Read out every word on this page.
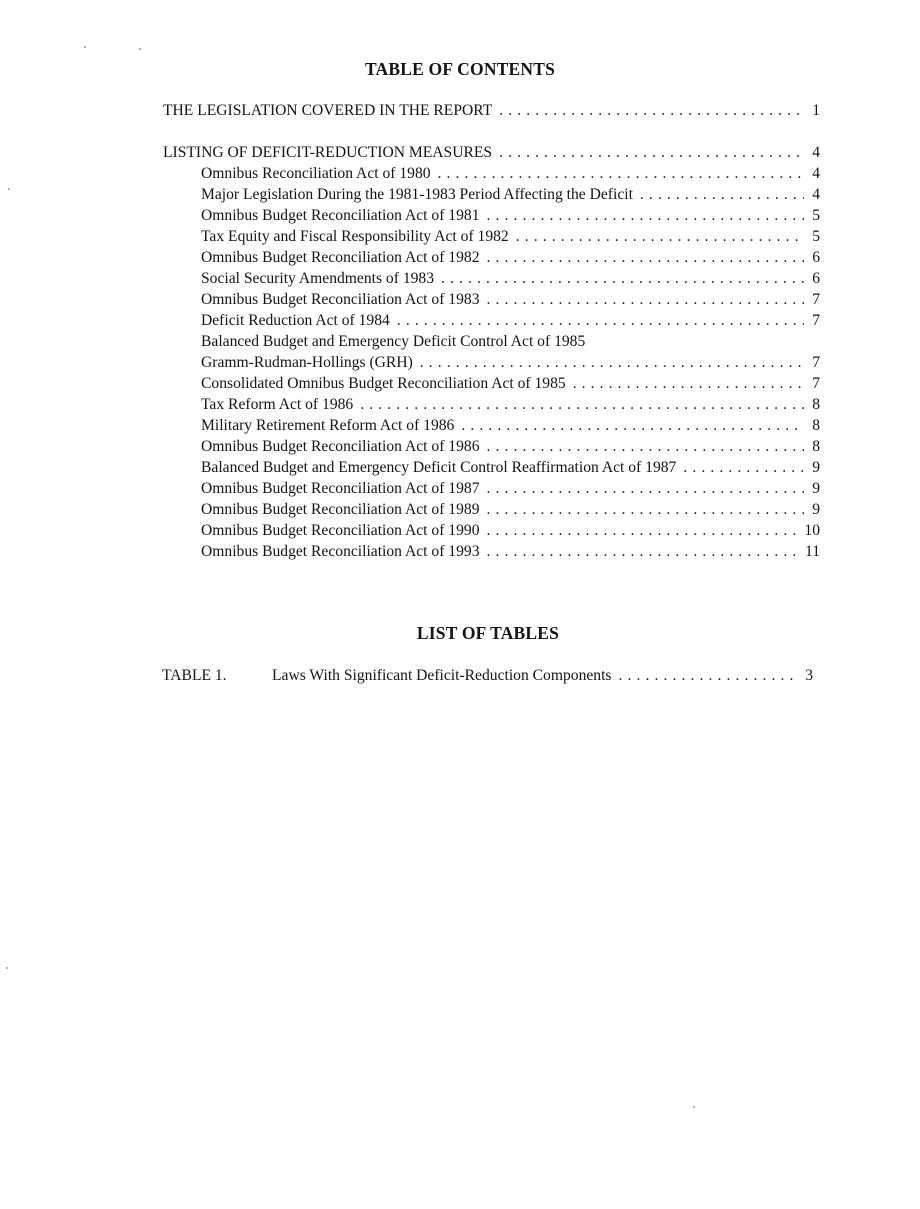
TABLE OF CONTENTS
THE LEGISLATION COVERED IN THE REPORT . . .	1
LISTING OF DEFICIT-REDUCTION MEASURES . . .	4
Omnibus Reconciliation Act of 1980 . . .	4
Major Legislation During the 1981-1983 Period Affecting the Deficit . . .	4
Omnibus Budget Reconciliation Act of 1981 . . .	5
Tax Equity and Fiscal Responsibility Act of 1982 . . .	5
Omnibus Budget Reconciliation Act of 1982 . . .	6
Social Security Amendments of 1983 . . .	6
Omnibus Budget Reconciliation Act of 1983 . . .	7
Deficit Reduction Act of 1984 . . .	7
Balanced Budget and Emergency Deficit Control Act of 1985
Gramm-Rudman-Hollings (GRH) . . .	7
Consolidated Omnibus Budget Reconciliation Act of 1985 . . .	7
Tax Reform Act of 1986 . . .	8
Military Retirement Reform Act of 1986 . . .	8
Omnibus Budget Reconciliation Act of 1986 . . .	8
Balanced Budget and Emergency Deficit Control Reaffirmation Act of 1987 . . .	9
Omnibus Budget Reconciliation Act of 1987 . . .	9
Omnibus Budget Reconciliation Act of 1989 . . .	9
Omnibus Budget Reconciliation Act of 1990 . . .	10
Omnibus Budget Reconciliation Act of 1993 . . .	11
LIST OF TABLES
TABLE 1.	Laws With Significant Deficit-Reduction Components . . .	3
